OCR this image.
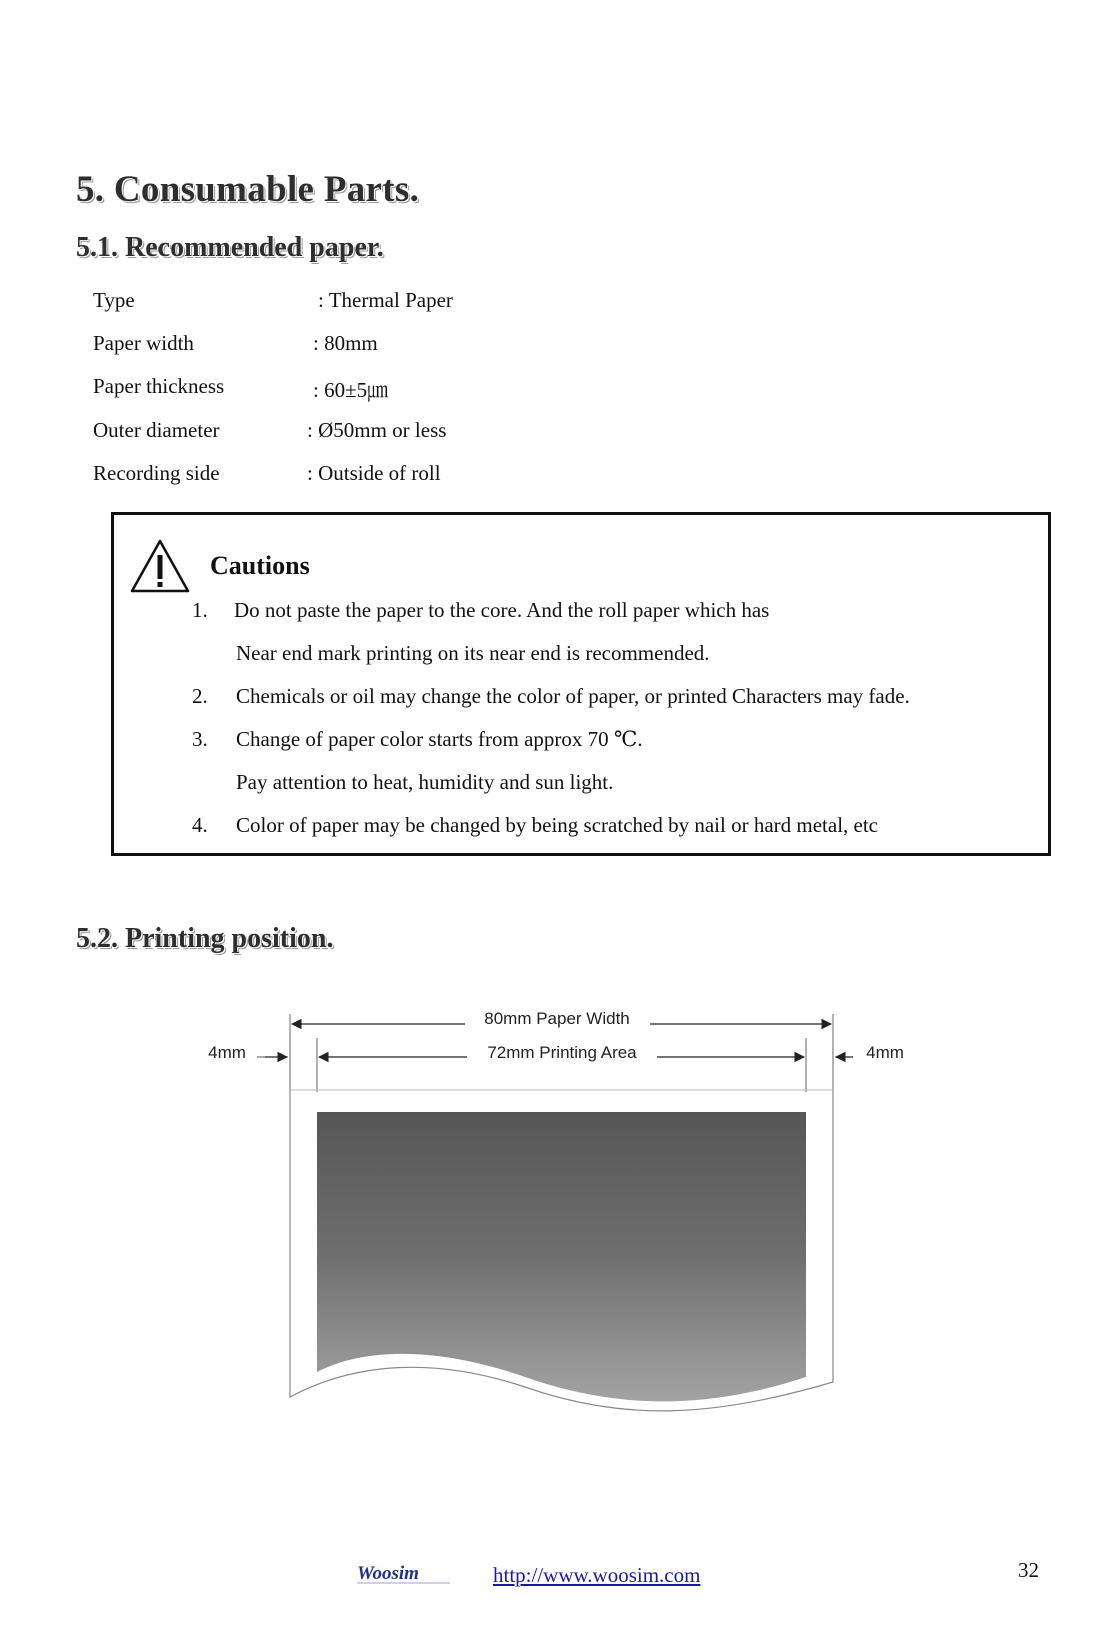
5. Consumable Parts.
5.1. Recommended paper.
Type	: Thermal Paper
Paper width	: 80mm
Paper thickness	: 60±5㎛
Outer diameter	: Ø50mm or less
Recording side	: Outside of roll
Cautions
1. Do not paste the paper to the core. And the roll paper which has
Near end mark printing on its near end is recommended.
2. Chemicals or oil may change the color of paper, or printed Characters may fade.
3. Change of paper color starts from approx 70 ℃.
Pay attention to heat, humidity and sun light.
4. Color of paper may be changed by being scratched by nail or hard metal, etc
5.2. Printing position.
80mm Paper Width
72mm Printing Area
4mm	4mm
Woosim	http://www.woosim.com	32
